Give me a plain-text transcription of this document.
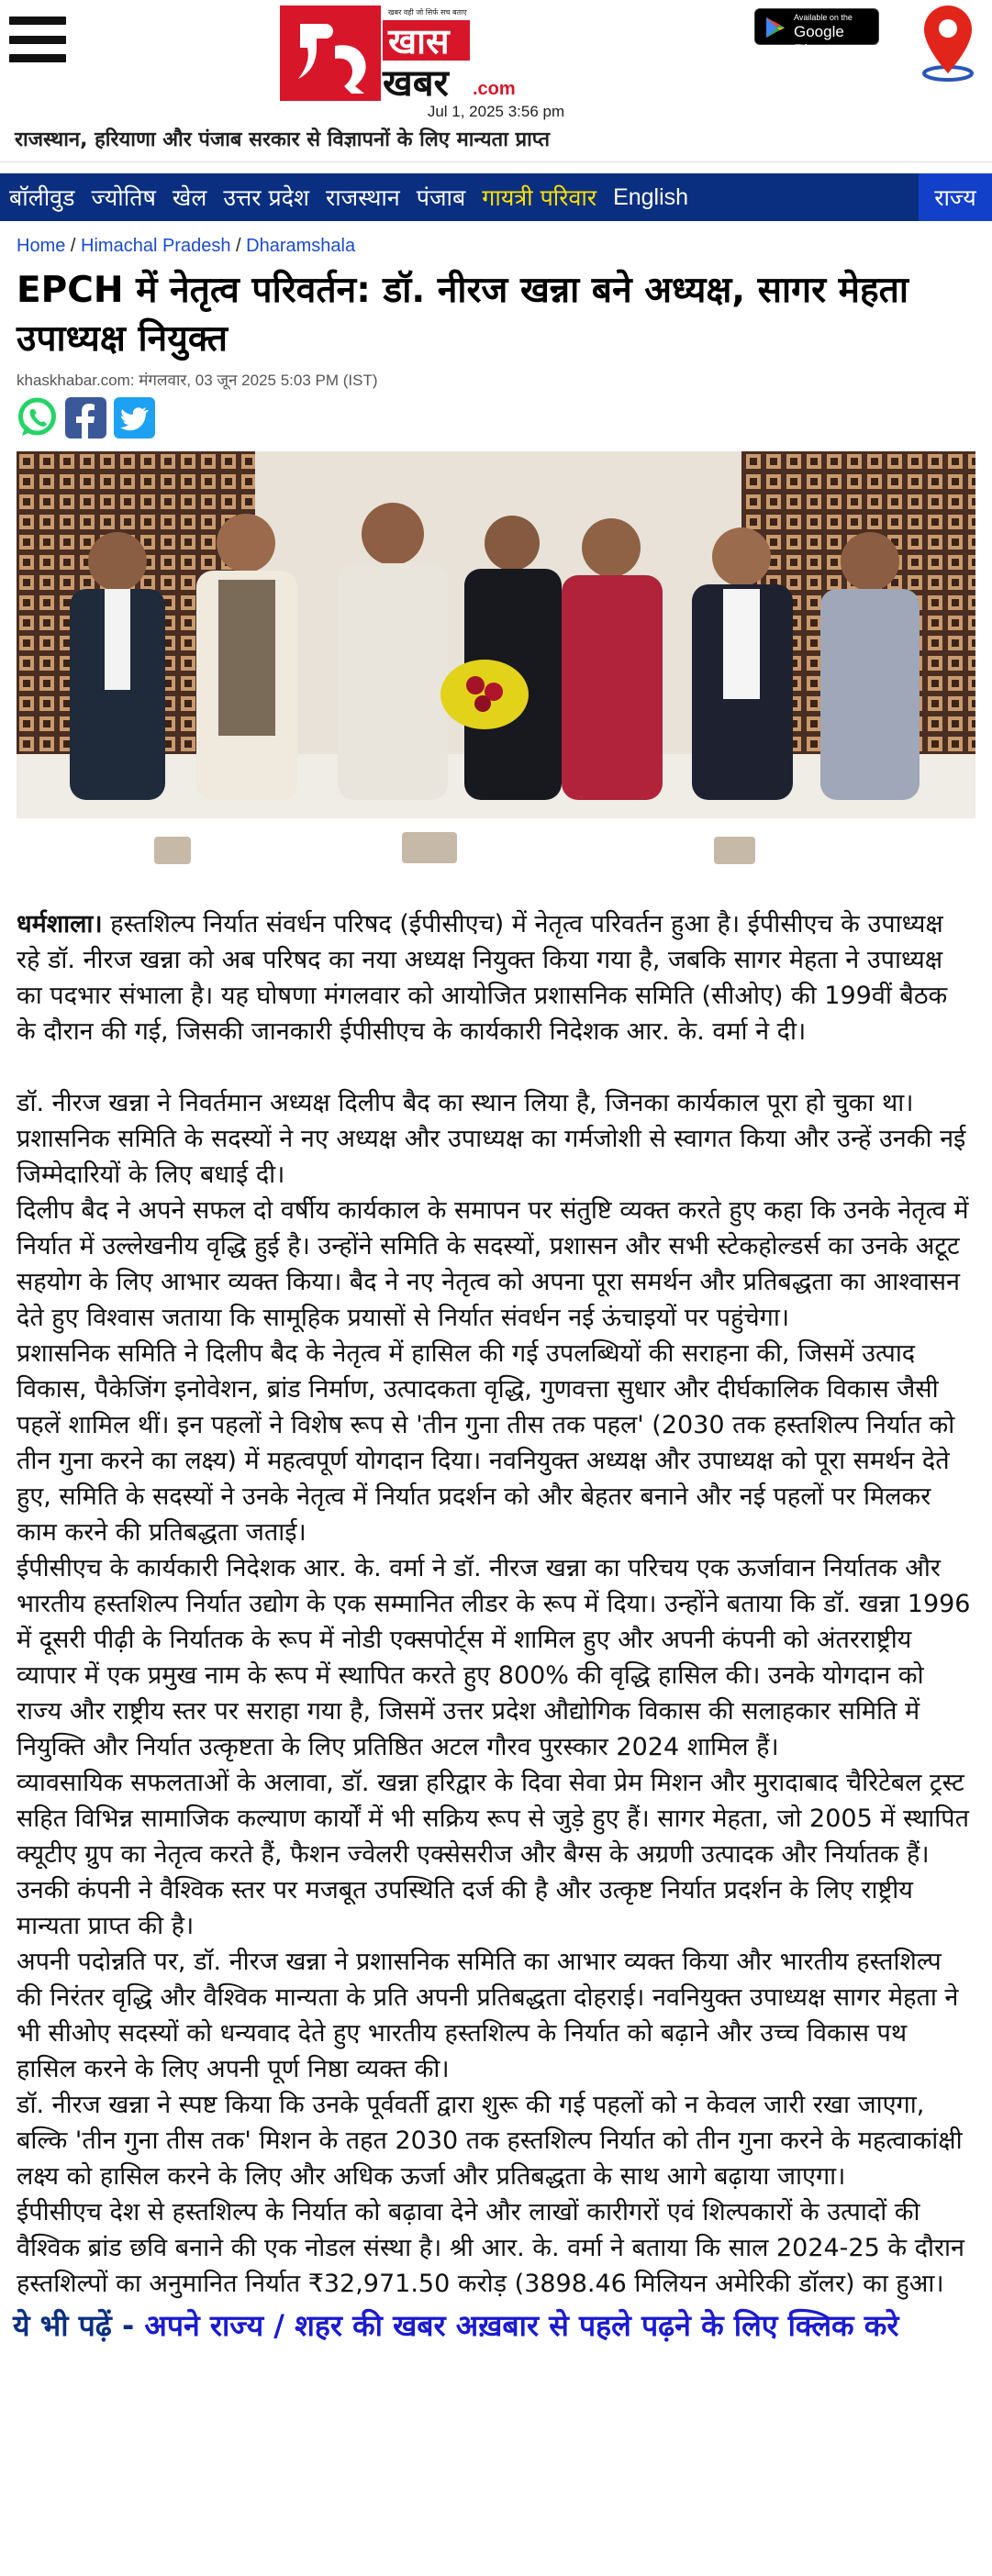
खबर वही जो सिर्फ सच बताए
खास
खबर .com
Jul 1, 2025 3:56 pm
Available on the
Google Play
राजस्थान, हरियाणा और पंजाब सरकार से विज्ञापनों के लिए मान्यता प्राप्त
बॉलीवुड ज्योतिष खेल उत्तर प्रदेश राजस्थान पंजाब गायत्री परिवार English	राज्य
Home / Himachal Pradesh / Dharamshala
EPCH में नेतृत्व परिवर्तन: डॉ. नीरज खन्ना बने अध्यक्ष, सागर मेहता उपाध्यक्ष नियुक्त
khaskhabar.com: मंगलवार, 03 जून 2025 5:03 PM (IST)

धर्मशाला। हस्तशिल्प निर्यात संवर्धन परिषद (ईपीसीएच) में नेतृत्व परिवर्तन हुआ है। ईपीसीएच के उपाध्यक्ष रहे डॉ. नीरज खन्ना को अब परिषद का नया अध्यक्ष नियुक्त किया गया है, जबकि सागर मेहता ने उपाध्यक्ष का पदभार संभाला है। यह घोषणा मंगलवार को आयोजित प्रशासनिक समिति (सीओए) की 199वीं बैठक के दौरान की गई, जिसकी जानकारी ईपीसीएच के कार्यकारी निदेशक आर. के. वर्मा ने दी।

डॉ. नीरज खन्ना ने निवर्तमान अध्यक्ष दिलीप बैद का स्थान लिया है, जिनका कार्यकाल पूरा हो चुका था। प्रशासनिक समिति के सदस्यों ने नए अध्यक्ष और उपाध्यक्ष का गर्मजोशी से स्वागत किया और उन्हें उनकी नई जिम्मेदारियों के लिए बधाई दी।

दिलीप बैद ने अपने सफल दो वर्षीय कार्यकाल के समापन पर संतुष्टि व्यक्त करते हुए कहा कि उनके नेतृत्व में निर्यात में उल्लेखनीय वृद्धि हुई है। उन्होंने समिति के सदस्यों, प्रशासन और सभी स्टेकहोल्डर्स का उनके अटूट सहयोग के लिए आभार व्यक्त किया। बैद ने नए नेतृत्व को अपना पूरा समर्थन और प्रतिबद्धता का आश्वासन देते हुए विश्वास जताया कि सामूहिक प्रयासों से निर्यात संवर्धन नई ऊंचाइयों पर पहुंचेगा।

प्रशासनिक समिति ने दिलीप बैद के नेतृत्व में हासिल की गई उपलब्धियों की सराहना की, जिसमें उत्पाद विकास, पैकेजिंग इनोवेशन, ब्रांड निर्माण, उत्पादकता वृद्धि, गुणवत्ता सुधार और दीर्घकालिक विकास जैसी पहलें शामिल थीं। इन पहलों ने विशेष रूप से 'तीन गुना तीस तक पहल' (2030 तक हस्तशिल्प निर्यात को तीन गुना करने का लक्ष्य) में महत्वपूर्ण योगदान दिया। नवनियुक्त अध्यक्ष और उपाध्यक्ष को पूरा समर्थन देते हुए, समिति के सदस्यों ने उनके नेतृत्व में निर्यात प्रदर्शन को और बेहतर बनाने और नई पहलों पर मिलकर काम करने की प्रतिबद्धता जताई।

ईपीसीएच के कार्यकारी निदेशक आर. के. वर्मा ने डॉ. नीरज खन्ना का परिचय एक ऊर्जावान निर्यातक और भारतीय हस्तशिल्प निर्यात उद्योग के एक सम्मानित लीडर के रूप में दिया। उन्होंने बताया कि डॉ. खन्ना 1996 में दूसरी पीढ़ी के निर्यातक के रूप में नोडी एक्सपोर्ट्स में शामिल हुए और अपनी कंपनी को अंतरराष्ट्रीय व्यापार में एक प्रमुख नाम के रूप में स्थापित करते हुए 800% की वृद्धि हासिल की। उनके योगदान को राज्य और राष्ट्रीय स्तर पर सराहा गया है, जिसमें उत्तर प्रदेश औद्योगिक विकास की सलाहकार समिति में नियुक्ति और निर्यात उत्कृष्टता के लिए प्रतिष्ठित अटल गौरव पुरस्कार 2024 शामिल हैं।

व्यावसायिक सफलताओं के अलावा, डॉ. खन्ना हरिद्वार के दिवा सेवा प्रेम मिशन और मुरादाबाद चैरिटेबल ट्रस्ट सहित विभिन्न सामाजिक कल्याण कार्यों में भी सक्रिय रूप से जुड़े हुए हैं। सागर मेहता, जो 2005 में स्थापित क्यूटीए ग्रुप का नेतृत्व करते हैं, फैशन ज्वेलरी एक्सेसरीज और बैग्स के अग्रणी उत्पादक और निर्यातक हैं। उनकी कंपनी ने वैश्विक स्तर पर मजबूत उपस्थिति दर्ज की है और उत्कृष्ट निर्यात प्रदर्शन के लिए राष्ट्रीय मान्यता प्राप्त की है।

अपनी पदोन्नति पर, डॉ. नीरज खन्ना ने प्रशासनिक समिति का आभार व्यक्त किया और भारतीय हस्तशिल्प की निरंतर वृद्धि और वैश्विक मान्यता के प्रति अपनी प्रतिबद्धता दोहराई। नवनियुक्त उपाध्यक्ष सागर मेहता ने भी सीओए सदस्यों को धन्यवाद देते हुए भारतीय हस्तशिल्प के निर्यात को बढ़ाने और उच्च विकास पथ हासिल करने के लिए अपनी पूर्ण निष्ठा व्यक्त की।

डॉ. नीरज खन्ना ने स्पष्ट किया कि उनके पूर्ववर्ती द्वारा शुरू की गई पहलों को न केवल जारी रखा जाएगा, बल्कि 'तीन गुना तीस तक' मिशन के तहत 2030 तक हस्तशिल्प निर्यात को तीन गुना करने के महत्वाकांक्षी लक्ष्य को हासिल करने के लिए और अधिक ऊर्जा और प्रतिबद्धता के साथ आगे बढ़ाया जाएगा।

ईपीसीएच देश से हस्तशिल्प के निर्यात को बढ़ावा देने और लाखों कारीगरों एवं शिल्पकारों के उत्पादों की वैश्विक ब्रांड छवि बनाने की एक नोडल संस्था है। श्री आर. के. वर्मा ने बताया कि साल 2024-25 के दौरान हस्तशिल्पों का अनुमानित निर्यात ₹32,971.50 करोड़ (3898.46 मिलियन अमेरिकी डॉलर) का हुआ।

ये भी पढ़ें - अपने राज्य / शहर की खबर अख़बार से पहले पढ़ने के लिए क्लिक करे
